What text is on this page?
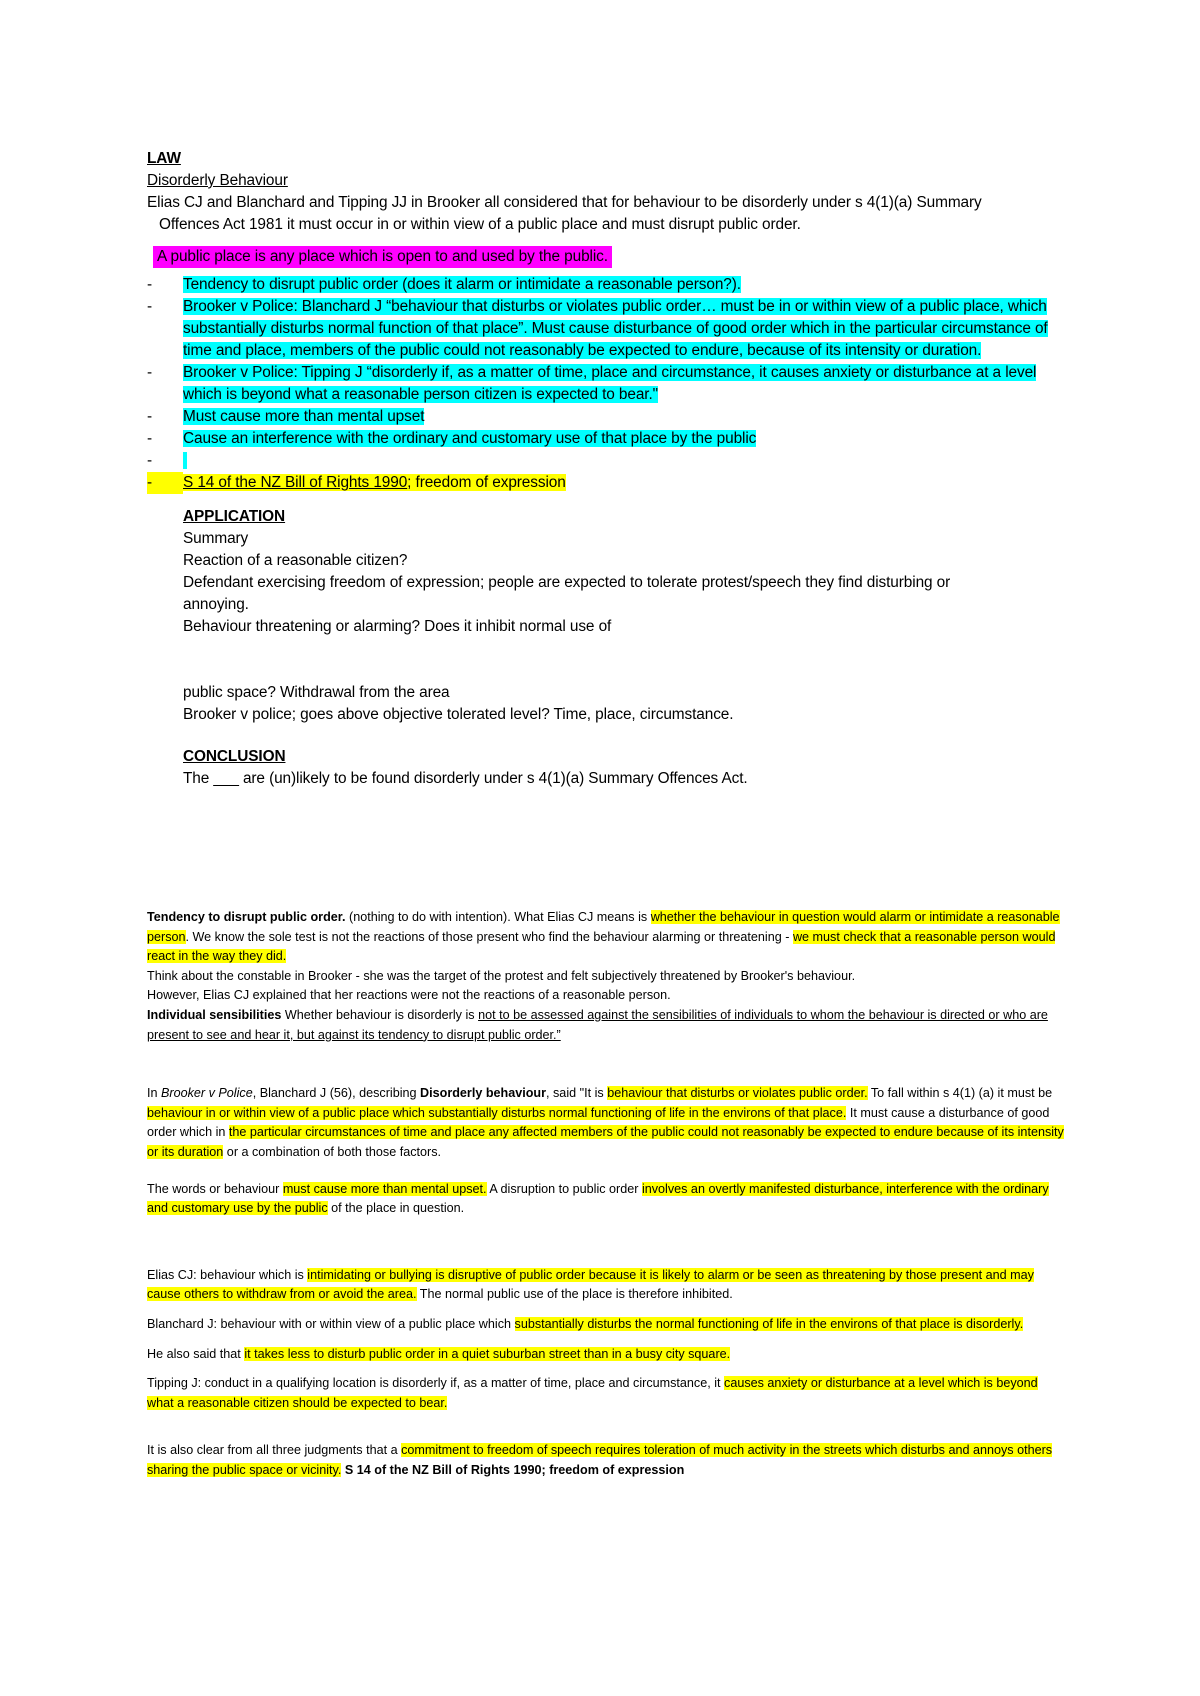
LAW
Disorderly Behaviour
Elias CJ and Blanchard and Tipping JJ in Brooker all considered that for behaviour to be disorderly under s 4(1)(a) Summary
Offences Act 1981 it must occur in or within view of a public place and must disrupt public order.
A public place is any place which is open to and used by the public.
-	Tendency to disrupt public order (does it alarm or intimidate a reasonable person?).
-	Brooker v Police: Blanchard J “behaviour that disturbs or violates public order… must be in or within view of a public place, which substantially disturbs normal function of that place”. Must cause disturbance of good order which in the particular circumstance of time and place, members of the public could not reasonably be expected to endure, because of its intensity or duration.
-	Brooker v Police: Tipping J “disorderly if, as a matter of time, place and circumstance, it causes anxiety or disturbance at a level which is beyond what a reasonable person citizen is expected to bear."
-	Must cause more than mental upset
-	Cause an interference with the ordinary and customary use of that place by the public
-

-	S 14 of the NZ Bill of Rights 1990; freedom of expression
APPLICATION
Summary
Reaction of a reasonable citizen?
Defendant exercising freedom of expression; people are expected to tolerate protest/speech they find disturbing or
annoying.
Behaviour threatening or alarming? Does it inhibit normal use of
public space? Withdrawal from the area
Brooker v police; goes above objective tolerated level? Time, place, circumstance.
CONCLUSION
The ___ are (un)likely to be found disorderly under s 4(1)(a) Summary Offences Act.

Tendency to disrupt public order. (nothing to do with intention). What Elias CJ means is whether the behaviour in question would alarm or intimidate a reasonable person. We know the sole test is not the reactions of those present who find the behaviour alarming or threatening - we must check that a reasonable person would react in the way they did.

Think about the constable in Brooker - she was the target of the protest and felt subjectively threatened by Brooker's behaviour.

However, Elias CJ explained that her reactions were not the reactions of a reasonable person.

Individual sensibilities Whether behaviour is disorderly is not to be assessed against the sensibilities of individuals to whom the behaviour is directed or who are present to see and hear it, but against its tendency to disrupt public order.”

In Brooker v Police, Blanchard J (56), describing Disorderly behaviour, said "It is behaviour that disturbs or violates public order. To fall within s 4(1) (a) it must be behaviour in or within view of a public place which substantially disturbs normal functioning of life in the environs of that place. It must cause a disturbance of good order which in the particular circumstances of time and place any affected members of the public could not reasonably be expected to endure because of its intensity or its duration or a combination of both those factors.

The words or behaviour must cause more than mental upset. A disruption to public order involves an overtly manifested disturbance, interference with the ordinary and customary use by the public of the place in question.

Elias CJ: behaviour which is intimidating or bullying is disruptive of public order because it is likely to alarm or be seen as threatening by those present and may cause others to withdraw from or avoid the area. The normal public use of the place is therefore inhibited.

Blanchard J: behaviour with or within view of a public place which substantially disturbs the normal functioning of life in the environs of that place is disorderly.

He also said that it takes less to disturb public order in a quiet suburban street than in a busy city square.

Tipping J: conduct in a qualifying location is disorderly if, as a matter of time, place and circumstance, it causes anxiety or disturbance at a level which is beyond what a reasonable citizen should be expected to bear.

It is also clear from all three judgments that a commitment to freedom of speech requires toleration of much activity in the streets which disturbs and annoys others sharing the public space or vicinity. S 14 of the NZ Bill of Rights 1990; freedom of expression
